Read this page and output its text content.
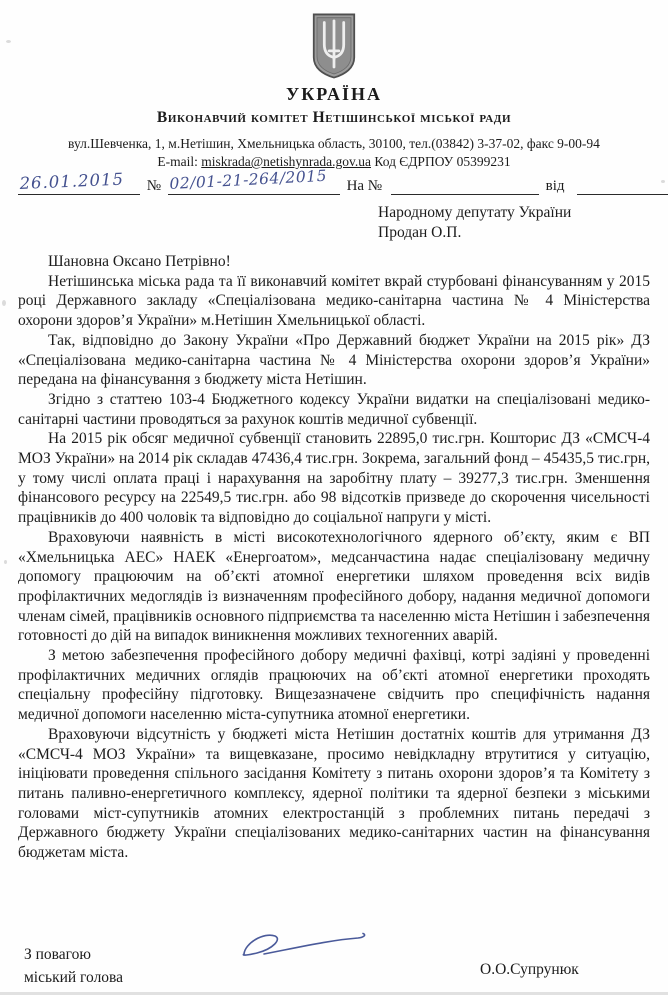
УКРАЇНА
Виконавчий комітет Нетішинської міської ради
вул.Шевченка, 1, м.Нетішин, Хмельницька область, 30100, тел.(03842) 3-37-02, факс 9-00-94
E-mail: miskrada@netishynrada.gov.ua Код ЄДРПОУ 05399231
26.01.2015 № 02/01-21-264/2015 На №	від
Народному депутату України
Продан О.П.

Шановна Оксано Петрівно!

Нетішинська міська рада та її виконавчий комітет вкрай стурбовані фінансуванням у 2015 році Державного закладу «Спеціалізована медико-санітарна частина № 4 Міністерства охорони здоров’я України» м.Нетішин Хмельницької області.

Так, відповідно до Закону України «Про Державний бюджет України на 2015 рік» ДЗ «Спеціалізована медико-санітарна частина № 4 Міністерства охорони здоров’я України» передана на фінансування з бюджету міста Нетішин.

Згідно з статтею 103-4 Бюджетного кодексу України видатки на спеціалізовані медико-санітарні частини проводяться за рахунок коштів медичної субвенції.

На 2015 рік обсяг медичної субвенції становить 22895,0 тис.грн. Кошторис ДЗ «СМСЧ-4 МОЗ України» на 2014 рік складав 47436,4 тис.грн. Зокрема, загальний фонд – 45435,5 тис.грн, у тому числі оплата праці і нарахування на заробітну плату – 39277,3 тис.грн. Зменшення фінансового ресурсу на 22549,5 тис.грн. або 98 відсотків призведе до скорочення чисельності працівників до 400 чоловік та відповідно до соціальної напруги у місті.

Враховуючи наявність в місті високотехнологічного ядерного об’єкту, яким є ВП «Хмельницька АЕС» НАЕК «Енергоатом», медсанчастина надає спеціалізовану медичну допомогу працюючим на об’єкті атомної енергетики шляхом проведення всіх видів профілактичних медоглядів із визначенням професійного добору, надання медичної допомоги членам сімей, працівників основного підприємства та населенню міста Нетішин і забезпечення готовності до дій на випадок виникнення можливих техногенних аварій.

З метою забезпечення професійного добору медичні фахівці, котрі задіяні у проведенні профілактичних медичних оглядів працюючих на об’єкті атомної енергетики проходять спеціальну професійну підготовку. Вищезазначене свідчить про специфічність надання медичної допомоги населенню міста-супутника атомної енергетики.

Враховуючи відсутність у бюджеті міста Нетішин достатніх коштів для утримання ДЗ «СМСЧ-4 МОЗ України» та вищевказане, просимо невідкладну втрутитися у ситуацію, ініціювати проведення спільного засідання Комітету з питань охорони здоров’я та Комітету з питань паливно-енергетичного комплексу, ядерної політики та ядерної безпеки з міськими головами міст-супутників атомних електростанцій з проблемних питань передачі з Державного бюджету України спеціалізованих медико-санітарних частин на фінансування бюджетам міста.

З повагою
міський голова	О.О.Супрунюк
